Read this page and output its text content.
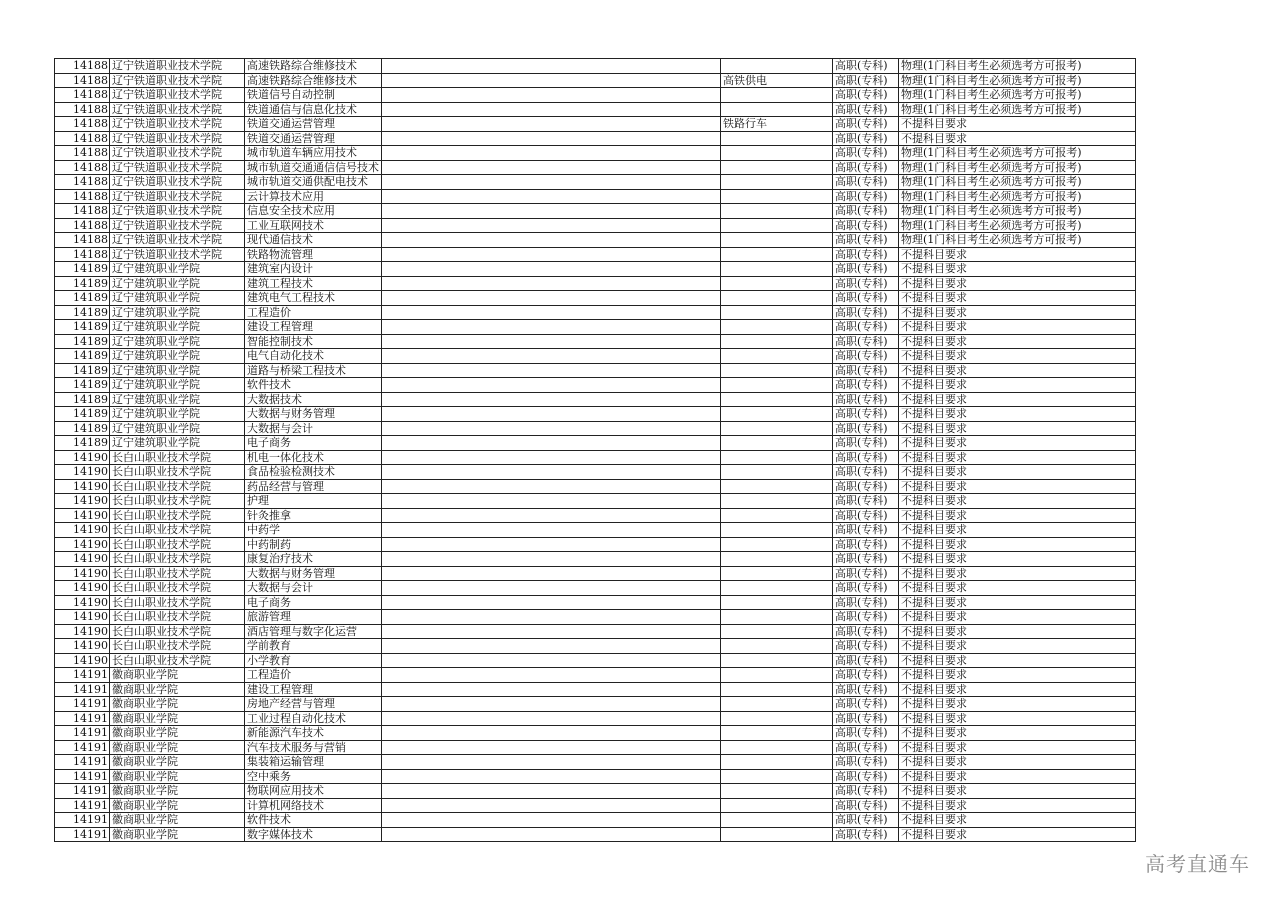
14188	辽宁铁道职业技术学院	高速铁路综合维修技术			高职(专科)	物理(1门科目考生必须选考方可报考)
14188	辽宁铁道职业技术学院	高速铁路综合维修技术		高铁供电	高职(专科)	物理(1门科目考生必须选考方可报考)
14188	辽宁铁道职业技术学院	铁道信号自动控制			高职(专科)	物理(1门科目考生必须选考方可报考)
14188	辽宁铁道职业技术学院	铁道通信与信息化技术			高职(专科)	物理(1门科目考生必须选考方可报考)
14188	辽宁铁道职业技术学院	铁道交通运营管理		铁路行车	高职(专科)	不提科目要求
14188	辽宁铁道职业技术学院	铁道交通运营管理			高职(专科)	不提科目要求
14188	辽宁铁道职业技术学院	城市轨道车辆应用技术			高职(专科)	物理(1门科目考生必须选考方可报考)
14188	辽宁铁道职业技术学院	城市轨道交通通信信号技术			高职(专科)	物理(1门科目考生必须选考方可报考)
14188	辽宁铁道职业技术学院	城市轨道交通供配电技术			高职(专科)	物理(1门科目考生必须选考方可报考)
14188	辽宁铁道职业技术学院	云计算技术应用			高职(专科)	物理(1门科目考生必须选考方可报考)
14188	辽宁铁道职业技术学院	信息安全技术应用			高职(专科)	物理(1门科目考生必须选考方可报考)
14188	辽宁铁道职业技术学院	工业互联网技术			高职(专科)	物理(1门科目考生必须选考方可报考)
14188	辽宁铁道职业技术学院	现代通信技术			高职(专科)	物理(1门科目考生必须选考方可报考)
14188	辽宁铁道职业技术学院	铁路物流管理			高职(专科)	不提科目要求
14189	辽宁建筑职业学院	建筑室内设计			高职(专科)	不提科目要求
14189	辽宁建筑职业学院	建筑工程技术			高职(专科)	不提科目要求
14189	辽宁建筑职业学院	建筑电气工程技术			高职(专科)	不提科目要求
14189	辽宁建筑职业学院	工程造价			高职(专科)	不提科目要求
14189	辽宁建筑职业学院	建设工程管理			高职(专科)	不提科目要求
14189	辽宁建筑职业学院	智能控制技术			高职(专科)	不提科目要求
14189	辽宁建筑职业学院	电气自动化技术			高职(专科)	不提科目要求
14189	辽宁建筑职业学院	道路与桥梁工程技术			高职(专科)	不提科目要求
14189	辽宁建筑职业学院	软件技术			高职(专科)	不提科目要求
14189	辽宁建筑职业学院	大数据技术			高职(专科)	不提科目要求
14189	辽宁建筑职业学院	大数据与财务管理			高职(专科)	不提科目要求
14189	辽宁建筑职业学院	大数据与会计			高职(专科)	不提科目要求
14189	辽宁建筑职业学院	电子商务			高职(专科)	不提科目要求
14190	长白山职业技术学院	机电一体化技术			高职(专科)	不提科目要求
14190	长白山职业技术学院	食品检验检测技术			高职(专科)	不提科目要求
14190	长白山职业技术学院	药品经营与管理			高职(专科)	不提科目要求
14190	长白山职业技术学院	护理			高职(专科)	不提科目要求
14190	长白山职业技术学院	针灸推拿			高职(专科)	不提科目要求
14190	长白山职业技术学院	中药学			高职(专科)	不提科目要求
14190	长白山职业技术学院	中药制药			高职(专科)	不提科目要求
14190	长白山职业技术学院	康复治疗技术			高职(专科)	不提科目要求
14190	长白山职业技术学院	大数据与财务管理			高职(专科)	不提科目要求
14190	长白山职业技术学院	大数据与会计			高职(专科)	不提科目要求
14190	长白山职业技术学院	电子商务			高职(专科)	不提科目要求
14190	长白山职业技术学院	旅游管理			高职(专科)	不提科目要求
14190	长白山职业技术学院	酒店管理与数字化运营			高职(专科)	不提科目要求
14190	长白山职业技术学院	学前教育			高职(专科)	不提科目要求
14190	长白山职业技术学院	小学教育			高职(专科)	不提科目要求
14191	徽商职业学院	工程造价			高职(专科)	不提科目要求
14191	徽商职业学院	建设工程管理			高职(专科)	不提科目要求
14191	徽商职业学院	房地产经营与管理			高职(专科)	不提科目要求
14191	徽商职业学院	工业过程自动化技术			高职(专科)	不提科目要求
14191	徽商职业学院	新能源汽车技术			高职(专科)	不提科目要求
14191	徽商职业学院	汽车技术服务与营销			高职(专科)	不提科目要求
14191	徽商职业学院	集装箱运输管理			高职(专科)	不提科目要求
14191	徽商职业学院	空中乘务			高职(专科)	不提科目要求
14191	徽商职业学院	物联网应用技术			高职(专科)	不提科目要求
14191	徽商职业学院	计算机网络技术			高职(专科)	不提科目要求
14191	徽商职业学院	软件技术			高职(专科)	不提科目要求
14191	徽商职业学院	数字媒体技术			高职(专科)	不提科目要求
高考直通车
